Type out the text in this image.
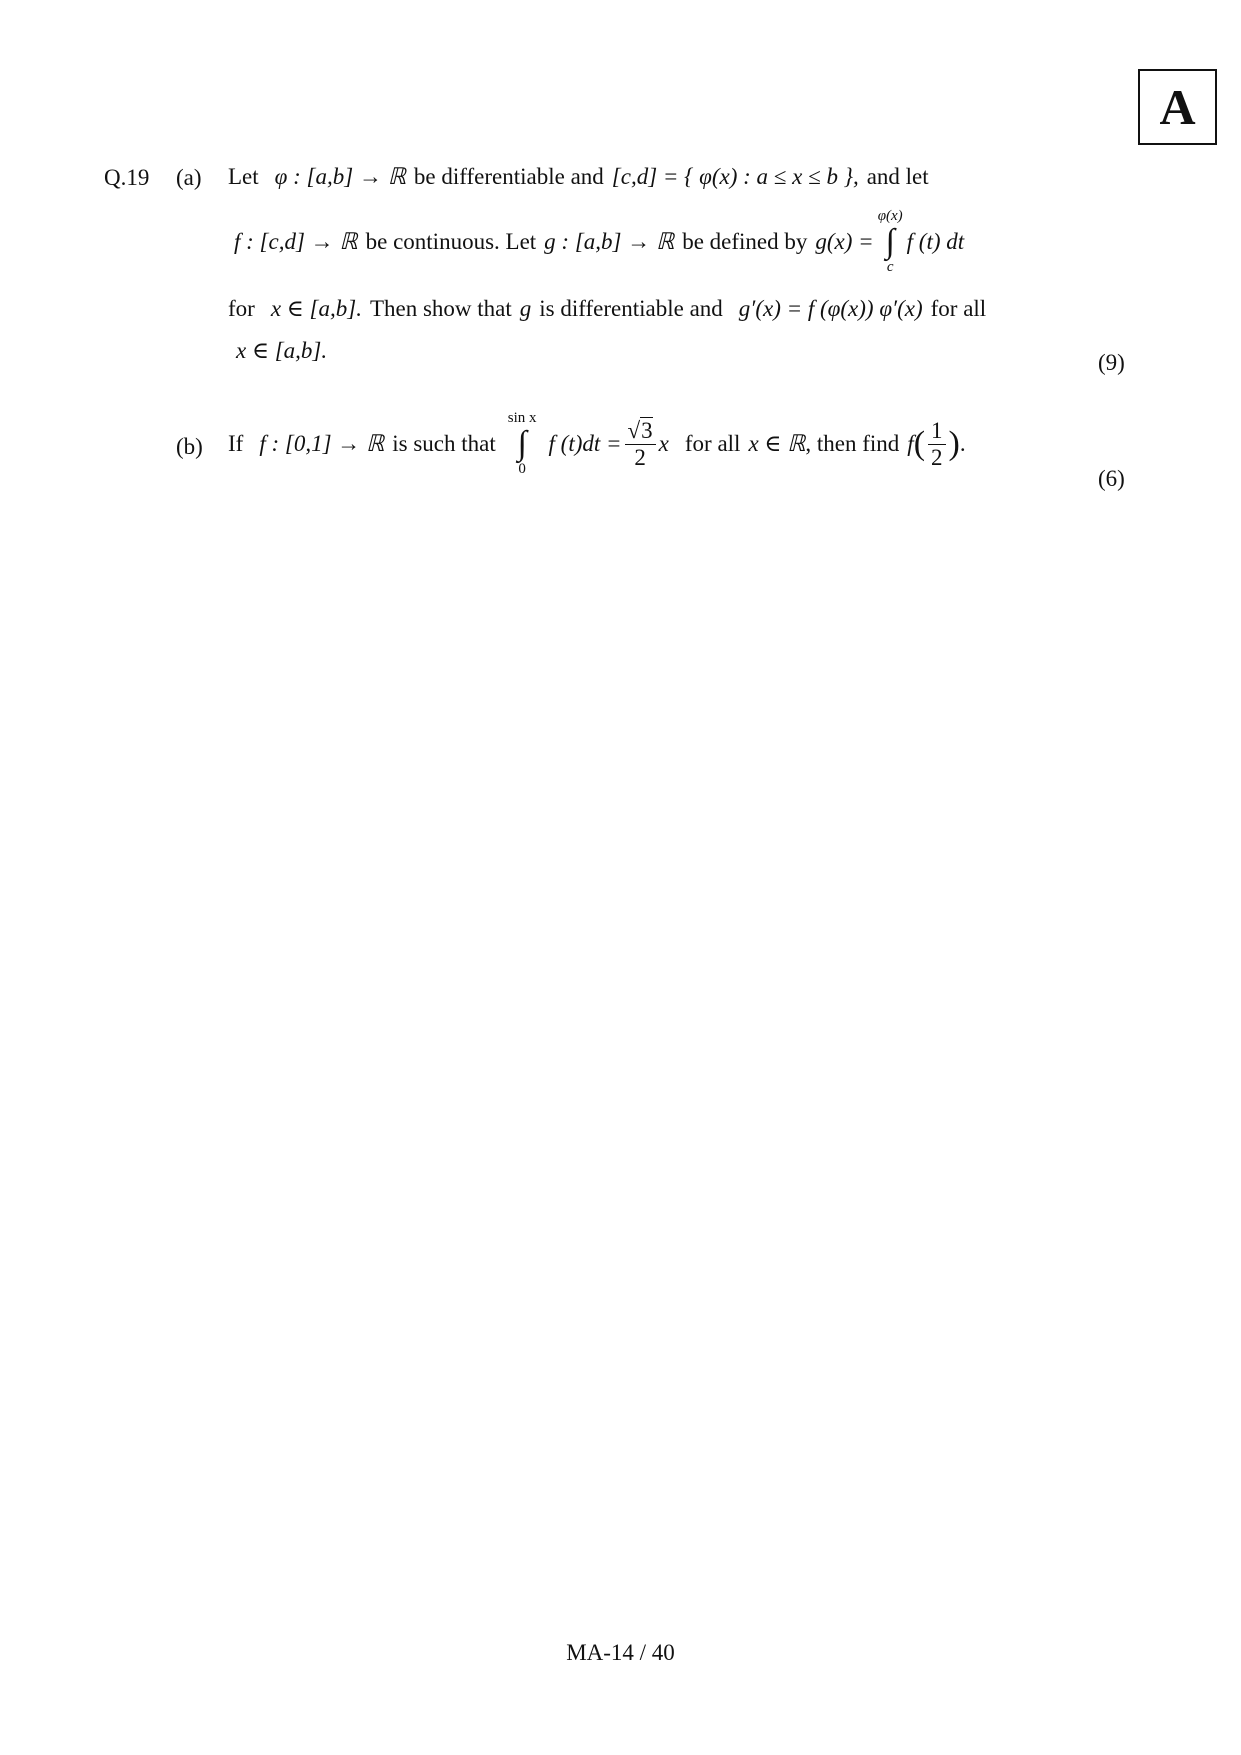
A
Q.19 (a) Let φ : [a,b] → ℝ be differentiable and [c,d] = { φ(x) : a ≤ x ≤ b }, and let
f : [c,d] → ℝ be continuous. Let g : [a,b] → ℝ be defined by g(x) =
φ(x)
∫
c
f (t) dt
for x ∈ [a,b]. Then show that g is differentiable and g′(x) = f (φ(x)) φ′(x) for all
x ∈ [a,b].	(9)
(b) If f : [0,1] → ℝ is such that
sin x
∫
0
f $(t)dt = \frac{√3}{2}$ x for all x ∈ ℝ , then find f ( $\frac{1}{2}$ ) .
(6)
MA-14 / 40
